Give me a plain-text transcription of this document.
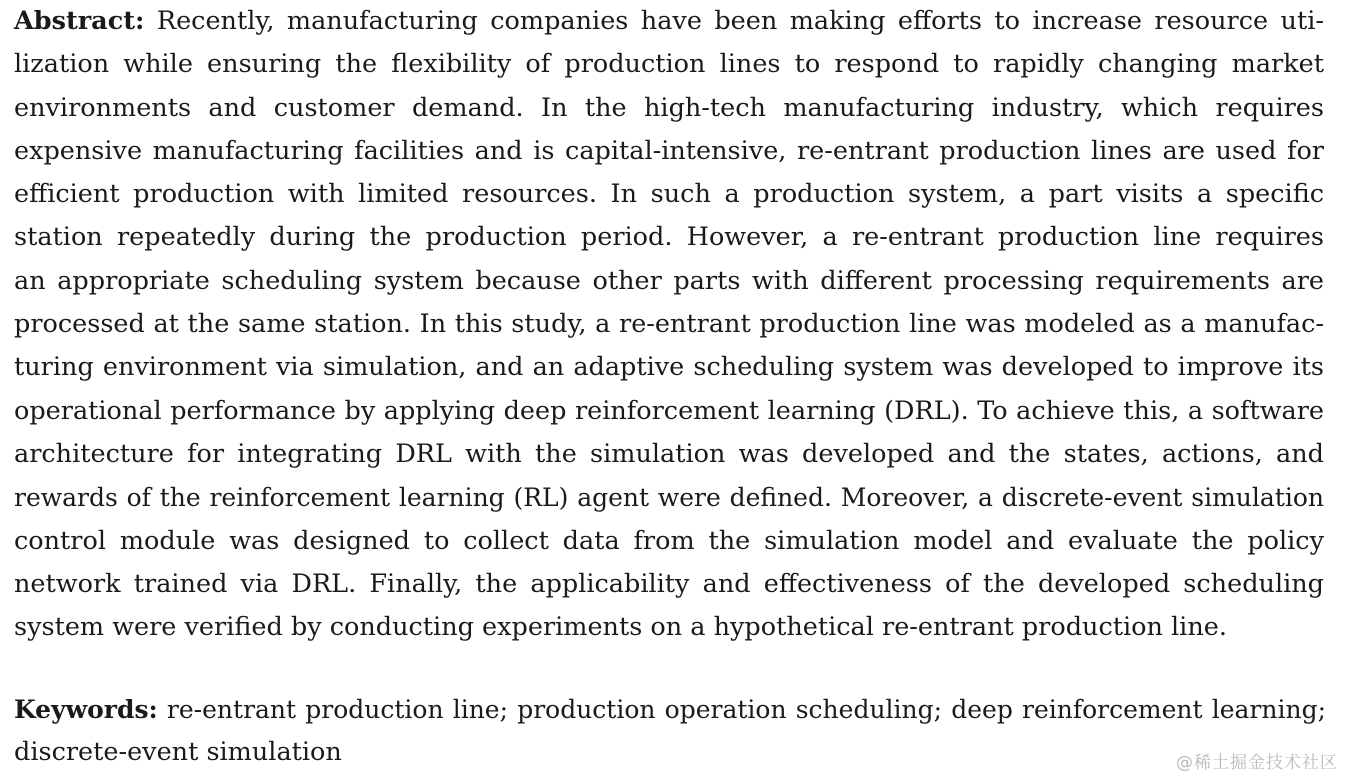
Abstract: Recently, manufacturing companies have been making efforts to increase resource uti-
lization while ensuring the flexibility of production lines to respond to rapidly changing market
environments and customer demand. In the high-tech manufacturing industry, which requires
expensive manufacturing facilities and is capital-intensive, re-entrant production lines are used for
efficient production with limited resources. In such a production system, a part visits a specific
station repeatedly during the production period. However, a re-entrant production line requires
an appropriate scheduling system because other parts with different processing requirements are
processed at the same station. In this study, a re-entrant production line was modeled as a manufac-
turing environment via simulation, and an adaptive scheduling system was developed to improve its
operational performance by applying deep reinforcement learning (DRL). To achieve this, a software
architecture for integrating DRL with the simulation was developed and the states, actions, and
rewards of the reinforcement learning (RL) agent were defined. Moreover, a discrete-event simulation
control module was designed to collect data from the simulation model and evaluate the policy
network trained via DRL. Finally, the applicability and effectiveness of the developed scheduling
system were verified by conducting experiments on a hypothetical re-entrant production line.
Keywords: re-entrant production line; production operation scheduling; deep reinforcement learning;
discrete-event simulation	@稀土掘金技术社区
